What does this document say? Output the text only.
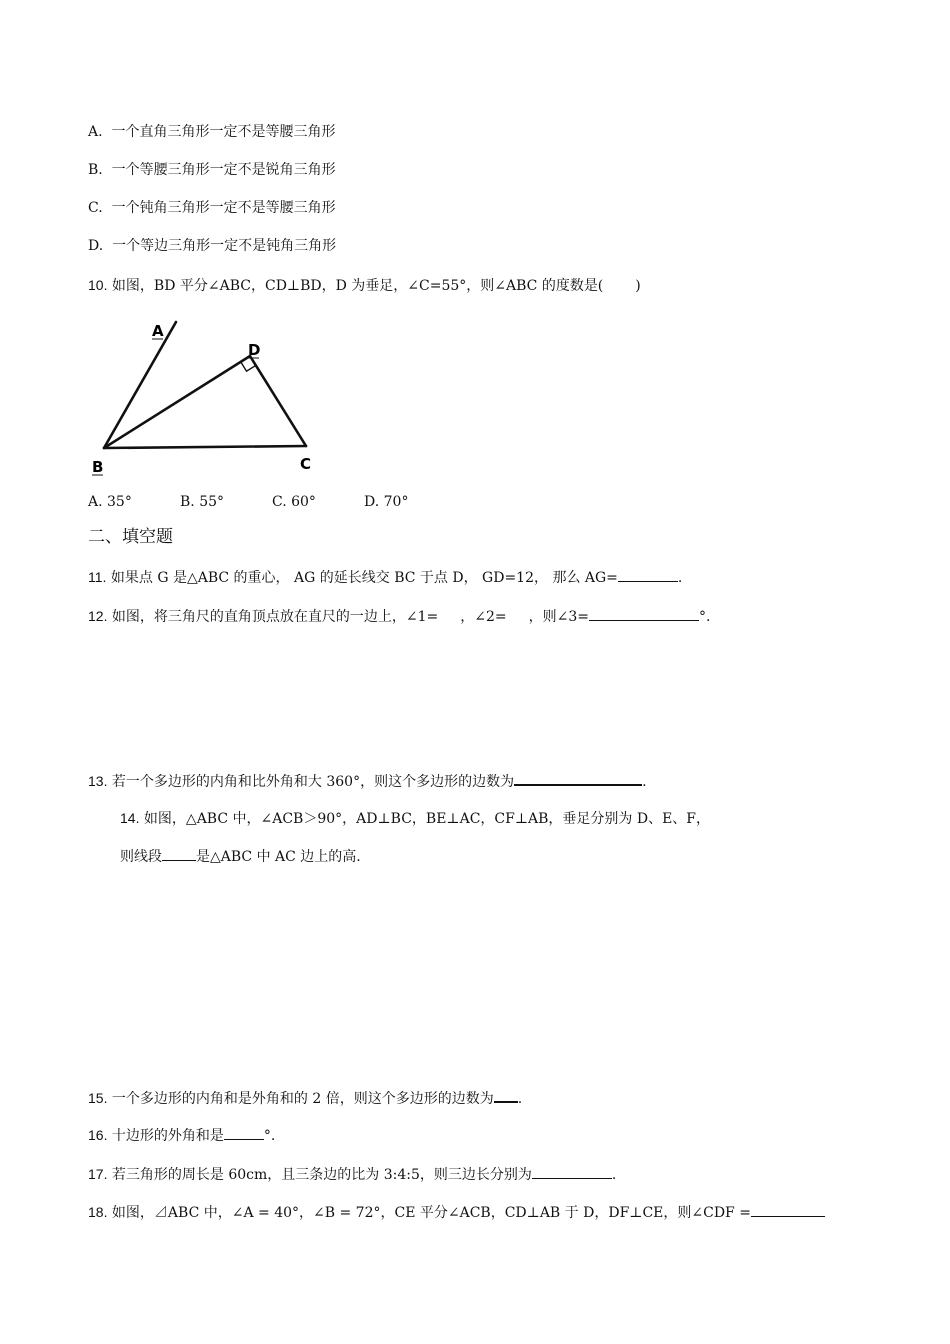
A. 一个直角三角形一定不是等腰三角形
B. 一个等腰三角形一定不是锐角三角形
C. 一个钝角三角形一定不是等腰三角形
D. 一个等边三角形一定不是钝角三角形
10. 如图，BD 平分∠ABC，CD⊥BD，D 为垂足，∠C=55°，则∠ABC 的度数是( )
A
D
B	C
A. 35°	B. 55°	C. 60°	D. 70°
二、填空题
11. 如果点 G 是△ABC 的重心， AG 的延长线交 BC 于点 D， GD=12， 那么 AG=	.
12. 如图，将三角尺的直角顶点放在直尺的一边上，∠1= ，∠2= ，则∠3=	°.
13. 若一个多边形的内角和比外角和大 360°，则这个多边形的边数为	.
14. 如图，△ABC 中，∠ACB＞90°，AD⊥BC，BE⊥AC，CF⊥AB，垂足分别为 D、E、F，
则线段 是△ABC 中 AC 边上的高.
15. 一个多边形的内角和是外角和的 2 倍，则这个多边形的边数为 .
16. 十边形的外角和是	°.
17. 若三角形的周长是 60cm，且三条边的比为 3:4:5，则三边长分别为	.
18. 如图，⊿ABC 中，∠A = 40°，∠B = 72°，CE 平分∠ACB，CD⊥AB 于 D，DF⊥CE，则∠CDF =
